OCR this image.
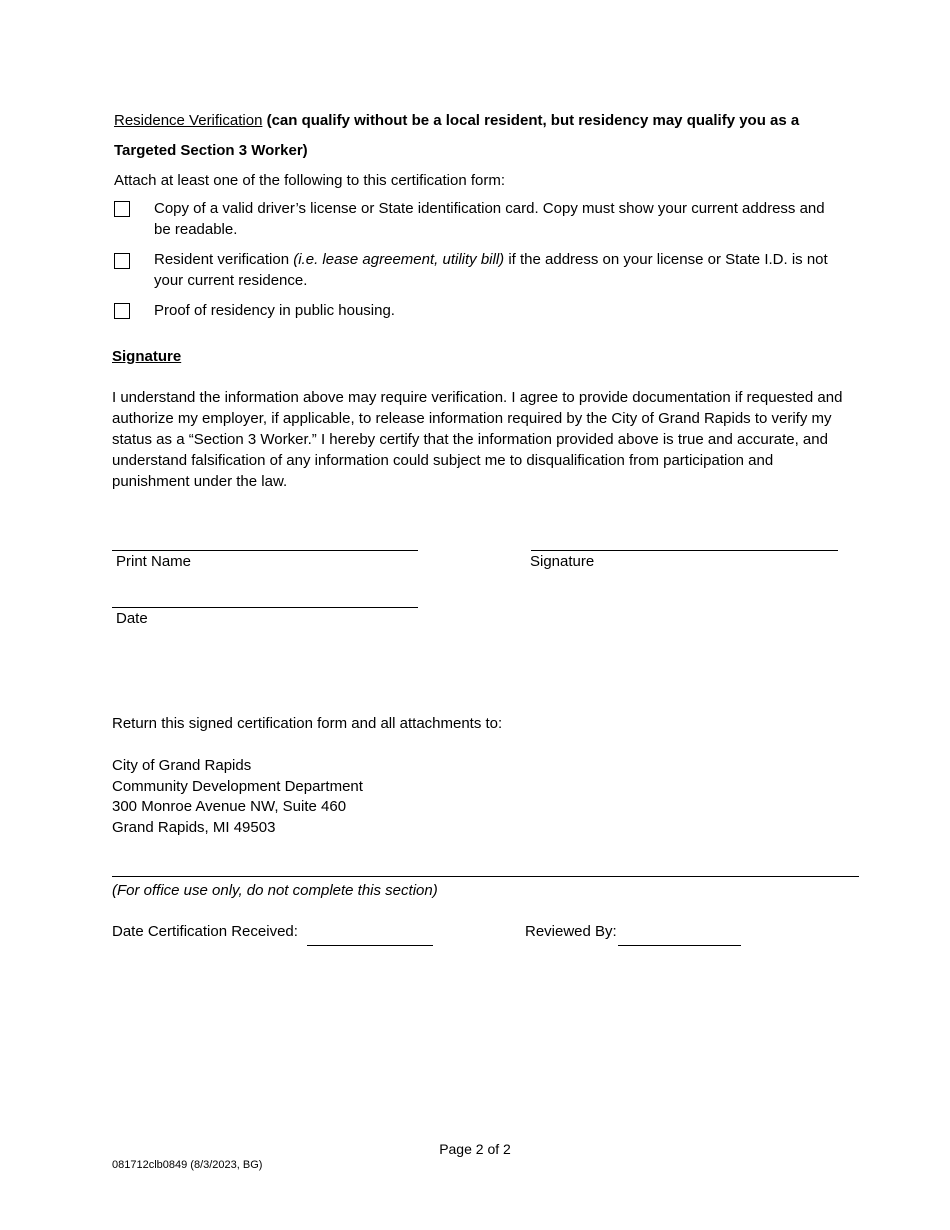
Residence Verification (can qualify without be a local resident, but residency may qualify you as a
Targeted Section 3 Worker)
Attach at least one of the following to this certification form:
Copy of a valid driver’s license or State identification card. Copy must show your current address and be readable.
Resident verification (i.e. lease agreement, utility bill) if the address on your license or State I.D. is not your current residence.
Proof of residency in public housing.
Signature
I understand the information above may require verification. I agree to provide documentation if requested and authorize my employer, if applicable, to release information required by the City of Grand Rapids to verify my status as a “Section 3 Worker.” I hereby certify that the information provided above is true and accurate, and understand falsification of any information could subject me to disqualification from participation and punishment under the law.
Print Name	Signature
Date
Return this signed certification form and all attachments to:
City of Grand Rapids
Community Development Department
300 Monroe Avenue NW, Suite 460
Grand Rapids, MI 49503
(For office use only, do not complete this section)
Date Certification Received:	Reviewed By:
Page 2 of 2
081712clb0849 (8/3/2023, BG)
